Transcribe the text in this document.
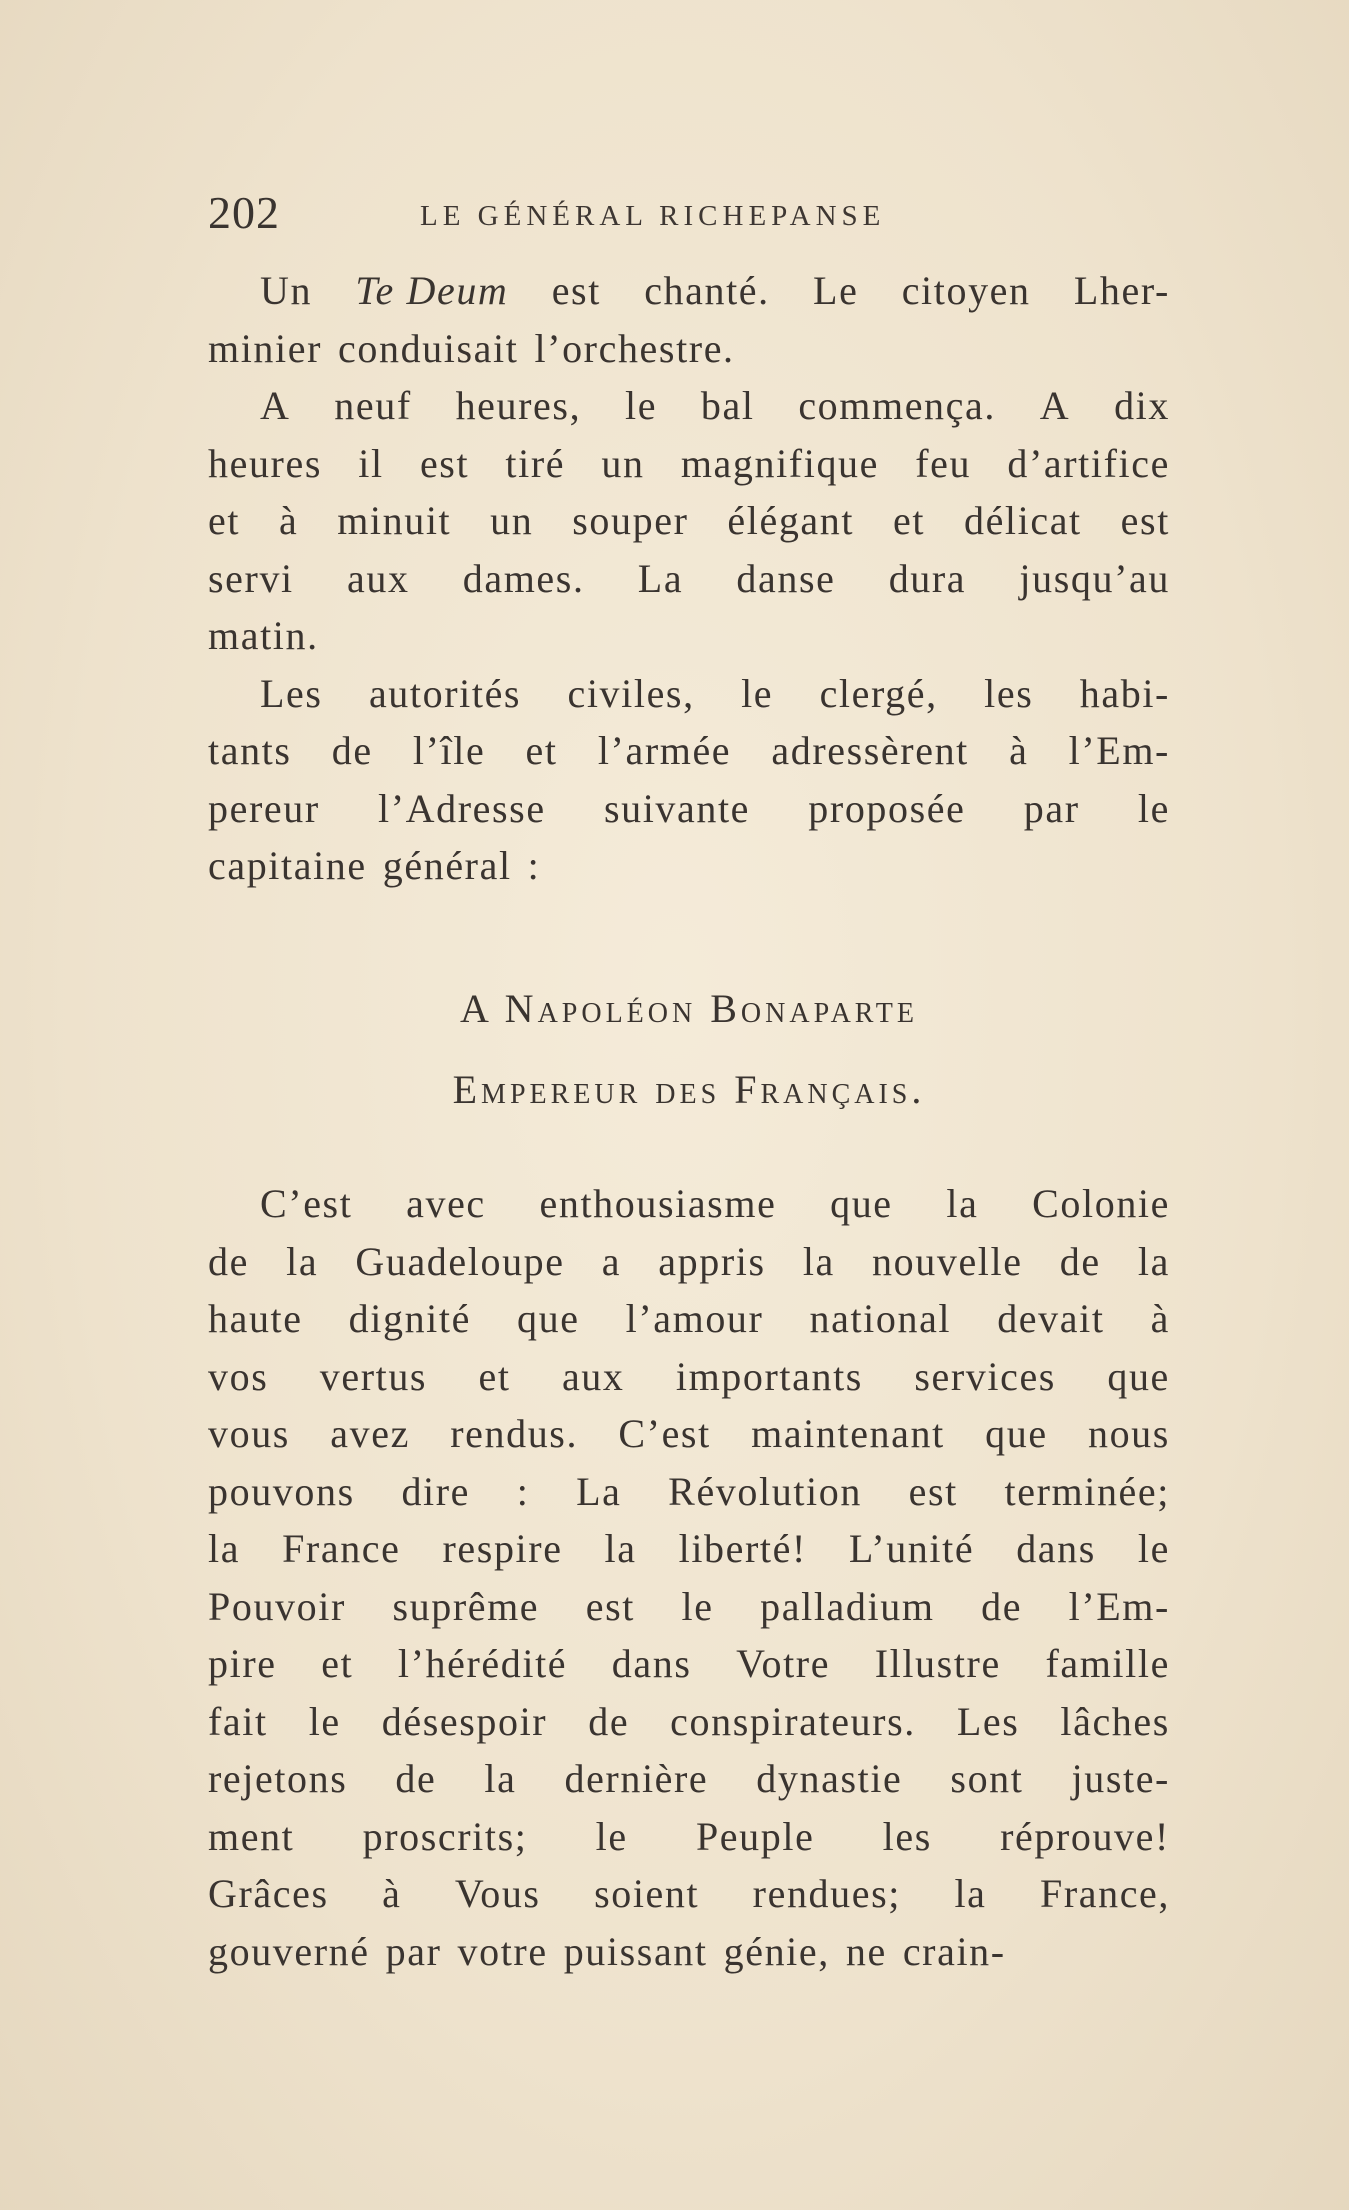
202	LE GÉNÉRAL RICHEPANSE
Un Te Deum est chanté. Le citoyen Lher-
minier conduisait l’orchestre.
A neuf heures, le bal commença. A dix
heures il est tiré un magnifique feu d’artifice
et à minuit un souper élégant et délicat est
servi aux dames. La danse dura jusqu’au
matin.
Les autorités civiles, le clergé, les habi-
tants de l’île et l’armée adressèrent à l’Em-
pereur l’Adresse suivante proposée par le
capitaine général :
A Napoléon Bonaparte
Empereur des Français.
C’est avec enthousiasme que la Colonie
de la Guadeloupe a appris la nouvelle de la
haute dignité que l’amour national devait à
vos vertus et aux importants services que
vous avez rendus. C’est maintenant que nous
pouvons dire : La Révolution est terminée;
la France respire la liberté! L’unité dans le
Pouvoir suprême est le palladium de l’Em-
pire et l’hérédité dans Votre Illustre famille
fait le désespoir de conspirateurs. Les lâches
rejetons de la dernière dynastie sont juste-
ment proscrits; le Peuple les réprouve!
Grâces à Vous soient rendues; la France,
gouverné par votre puissant génie, ne crain-
